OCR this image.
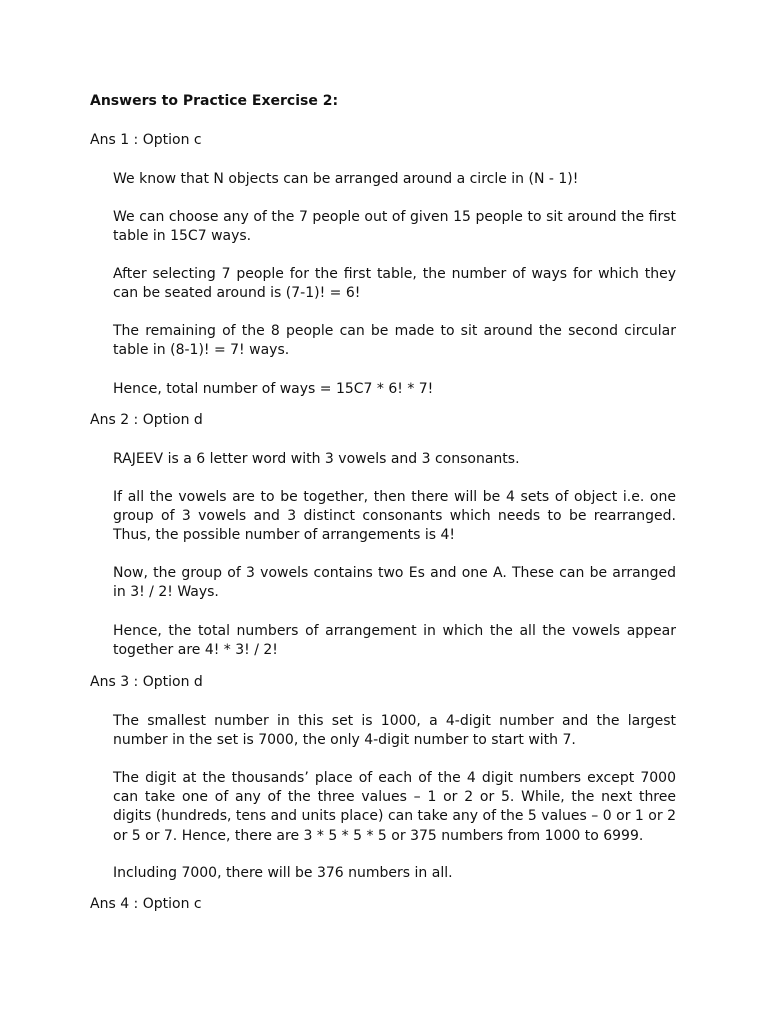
Answers to Practice Exercise 2:

Ans 1 : Option c

We know that N objects can be arranged around a circle in (N - 1)!

We can choose any of the 7 people out of given 15 people to sit around the first table in 15C7 ways.

After selecting 7 people for the first table, the number of ways for which they can be seated around is (7-1)! = 6!

The remaining of the 8 people can be made to sit around the second circular table in (8-1)! = 7! ways.

Hence, total number of ways = 15C7 * 6! * 7!

Ans 2 : Option d

RAJEEV is a 6 letter word with 3 vowels and 3 consonants.

If all the vowels are to be together, then there will be 4 sets of object i.e. one group of 3 vowels and 3 distinct consonants which needs to be rearranged. Thus, the possible number of arrangements is 4!

Now, the group of 3 vowels contains two Es and one A. These can be arranged in 3! / 2! Ways.

Hence, the total numbers of arrangement in which the all the vowels appear together are 4! * 3! / 2!

Ans 3 : Option d

The smallest number in this set is 1000, a 4-digit number and the largest number in the set is 7000, the only 4-digit number to start with 7.

The digit at the thousands’ place of each of the 4 digit numbers except 7000 can take one of any of the three values – 1 or 2 or 5. While, the next three digits (hundreds, tens and units place) can take any of the 5 values – 0 or 1 or 2 or 5 or 7. Hence, there are 3 * 5 * 5 * 5 or 375 numbers from 1000 to 6999.

Including 7000, there will be 376 numbers in all.

Ans 4 : Option c
